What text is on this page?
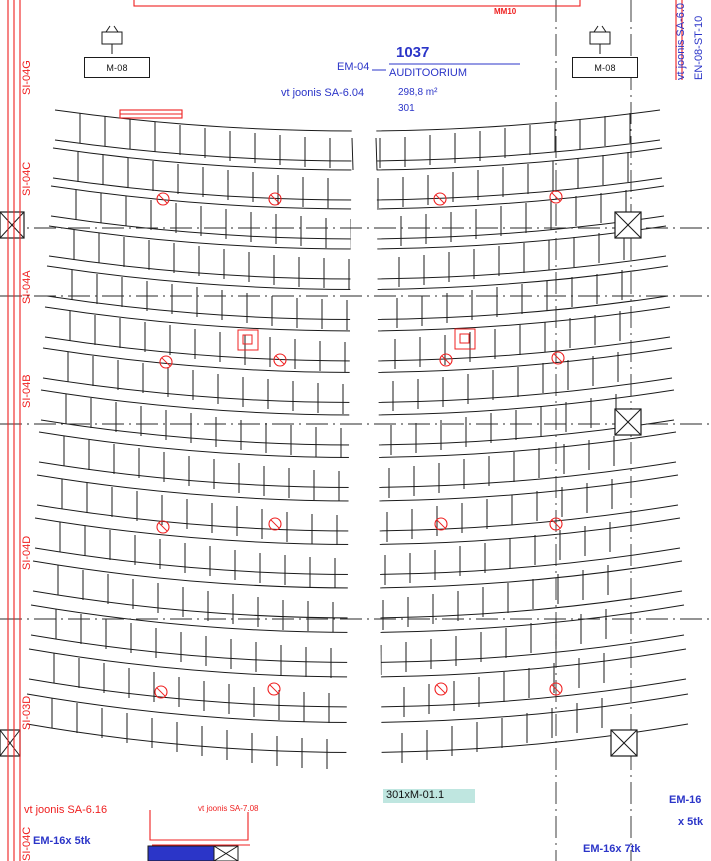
MM10
1037
AUDITOORIUM
298,8 m²
301
vt joonis SA-6.04
EM-04
M-08	M-08
301xM-01.1
vt joonis SA-6.16	vt joonis SA-7.08
EM-16x 5tk
EM-16x 7tk
EM-16
x 5tk
SI-04G
SI-04C
SI-04A
SI-04B
SI-04D
SI-03D
SI-04C
vt joonis SA-6.0 EN-08-ST-10
